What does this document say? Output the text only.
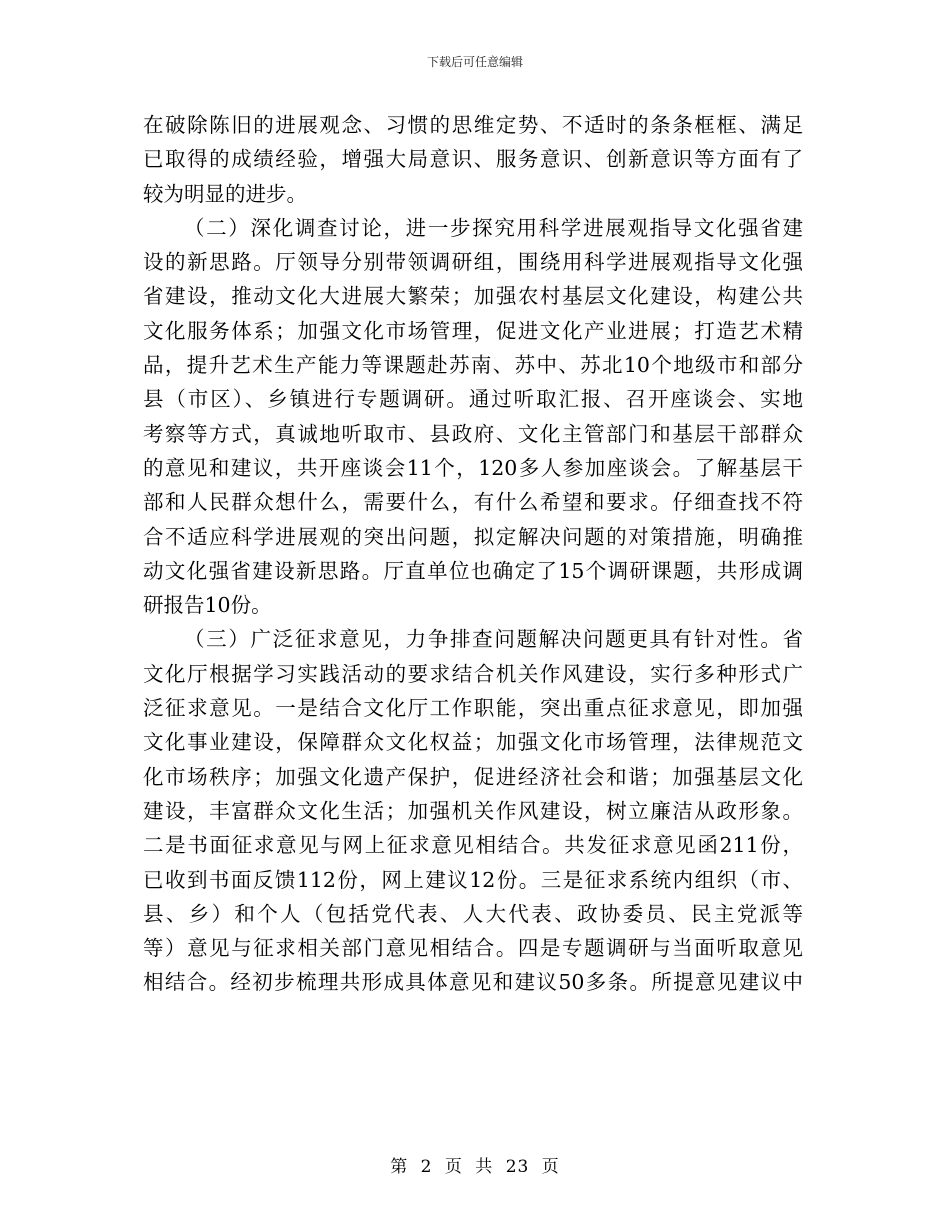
下载后可任意编辑
在破除陈旧的进展观念、习惯的思维定势、不适时的条条框框、满足
已取得的成绩经验，增强大局意识、服务意识、创新意识等方面有了
较为明显的进步。
（二）深化调查讨论，进一步探究用科学进展观指导文化强省建
设的新思路。厅领导分别带领调研组，围绕用科学进展观指导文化强
省建设，推动文化大进展大繁荣；加强农村基层文化建设，构建公共
文化服务体系；加强文化市场管理，促进文化产业进展；打造艺术精
品，提升艺术生产能力等课题赴苏南、苏中、苏北10个地级市和部分
县（市区）、乡镇进行专题调研。通过听取汇报、召开座谈会、实地
考察等方式，真诚地听取市、县政府、文化主管部门和基层干部群众
的意见和建议，共开座谈会11个，120多人参加座谈会。了解基层干
部和人民群众想什么，需要什么，有什么希望和要求。仔细查找不符
合不适应科学进展观的突出问题，拟定解决问题的对策措施，明确推
动文化强省建设新思路。厅直单位也确定了15个调研课题，共形成调
研报告10份。
（三）广泛征求意见，力争排查问题解决问题更具有针对性。省
文化厅根据学习实践活动的要求结合机关作风建设，实行多种形式广
泛征求意见。一是结合文化厅工作职能，突出重点征求意见，即加强
文化事业建设，保障群众文化权益；加强文化市场管理，法律规范文
化市场秩序；加强文化遗产保护，促进经济社会和谐；加强基层文化
建设，丰富群众文化生活；加强机关作风建设，树立廉洁从政形象。
二是书面征求意见与网上征求意见相结合。共发征求意见函211份，
已收到书面反馈112份，网上建议12份。三是征求系统内组织（市、
县、乡）和个人（包括党代表、人大代表、政协委员、民主党派等
等）意见与征求相关部门意见相结合。四是专题调研与当面听取意见
相结合。经初步梳理共形成具体意见和建议50多条。所提意见建议中
第 2 页 共 23 页
